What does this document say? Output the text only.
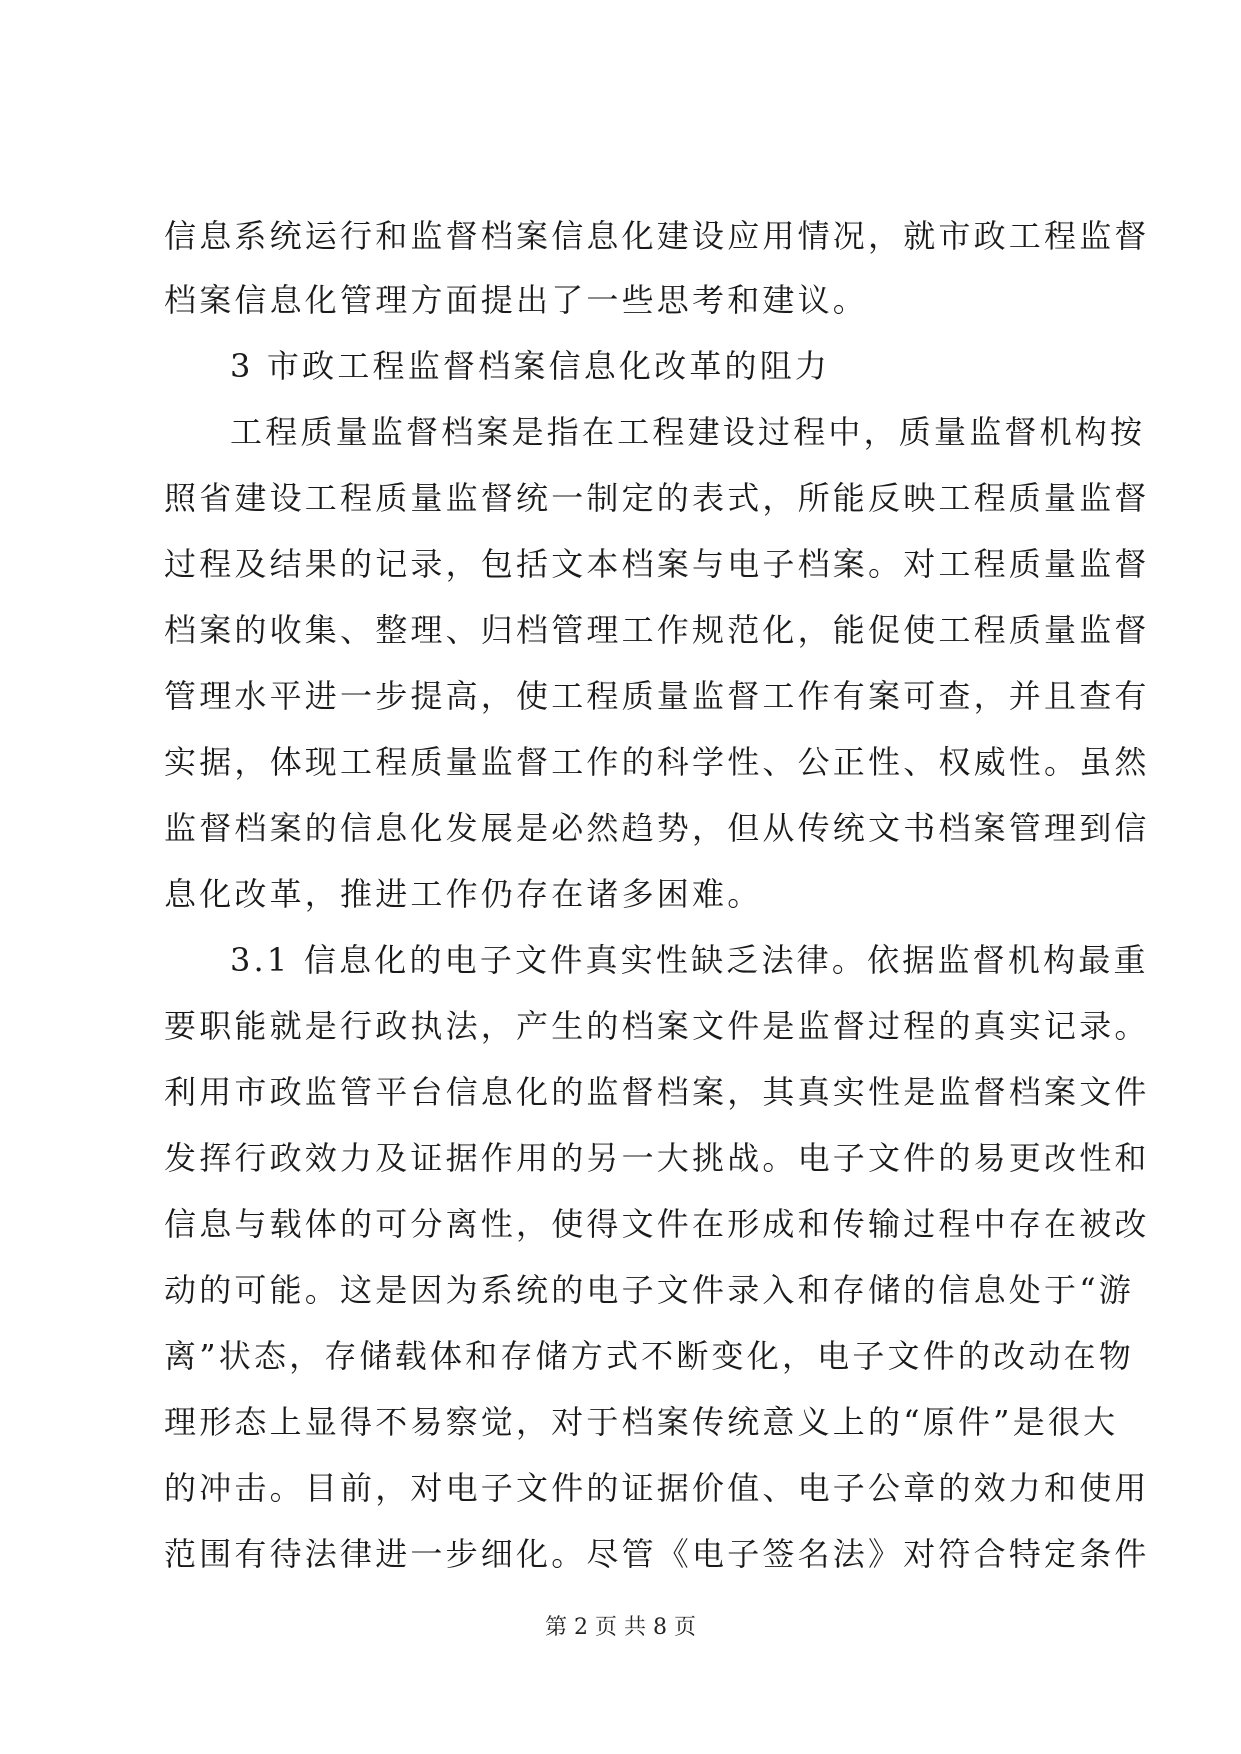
信息系统运行和监督档案信息化建设应用情况，就市政工程监督
档案信息化管理方面提出了一些思考和建议。
3 市政工程监督档案信息化改革的阻力
工程质量监督档案是指在工程建设过程中，质量监督机构按
照省建设工程质量监督统一制定的表式，所能反映工程质量监督
过程及结果的记录，包括文本档案与电子档案。对工程质量监督
档案的收集、整理、归档管理工作规范化，能促使工程质量监督
管理水平进一步提高，使工程质量监督工作有案可查，并且查有
实据，体现工程质量监督工作的科学性、公正性、权威性。虽然
监督档案的信息化发展是必然趋势，但从传统文书档案管理到信
息化改革，推进工作仍存在诸多困难。
3.1 信息化的电子文件真实性缺乏法律。依据监督机构最重
要职能就是行政执法，产生的档案文件是监督过程的真实记录。
利用市政监管平台信息化的监督档案，其真实性是监督档案文件
发挥行政效力及证据作用的另一大挑战。电子文件的易更改性和
信息与载体的可分离性，使得文件在形成和传输过程中存在被改
动的可能。这是因为系统的电子文件录入和存储的信息处于“游
离”状态，存储载体和存储方式不断变化，电子文件的改动在物
理形态上显得不易察觉，对于档案传统意义上的“原件”是很大
的冲击。目前，对电子文件的证据价值、电子公章的效力和使用
范围有待法律进一步细化。尽管《电子签名法》对符合特定条件
第 2 页 共 8 页
